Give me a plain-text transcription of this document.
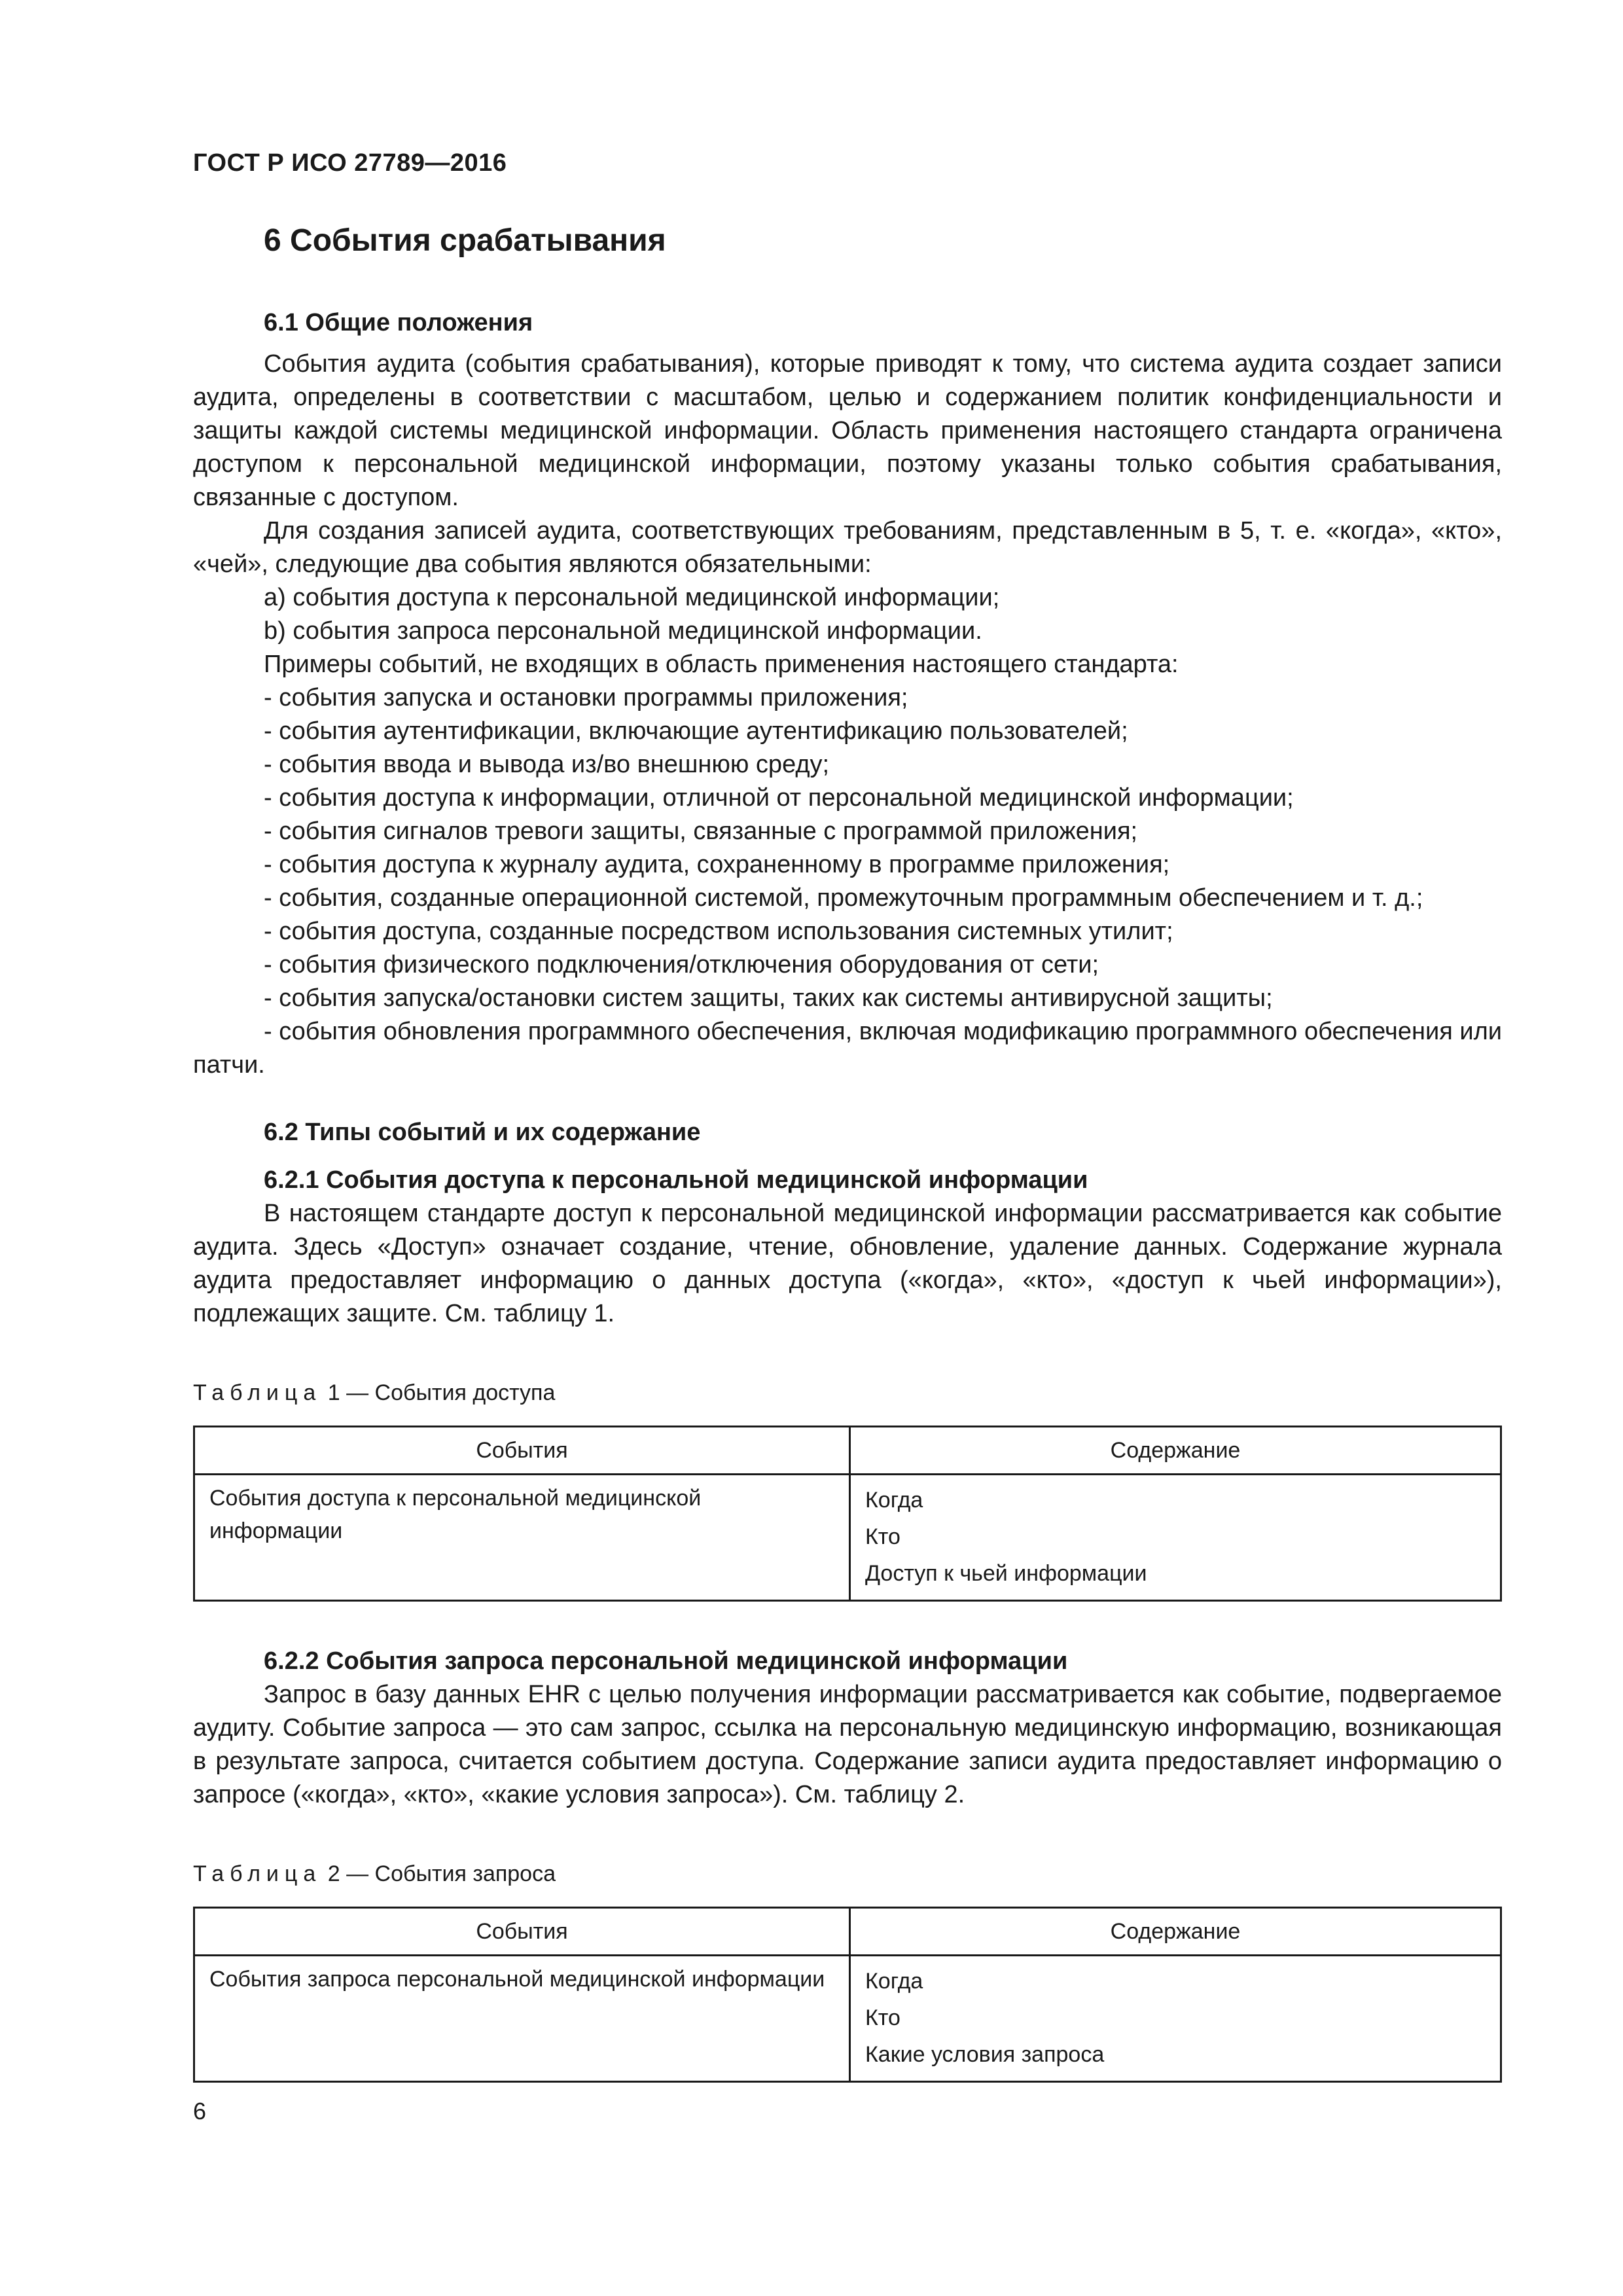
ГОСТ Р ИСО 27789—2016
6 События срабатывания
6.1 Общие положения

События аудита (события срабатывания), которые приводят к тому, что система аудита создает записи аудита, определены в соответствии с масштабом, целью и содержанием политик конфиденциальности и защиты каждой системы медицинской информации. Область применения настоящего стандарта ограничена доступом к персональной медицинской информации, поэтому указаны только события срабатывания, связанные с доступом.

Для создания записей аудита, соответствующих требованиям, представленным в 5, т. е. «когда», «кто», «чей», следующие два события являются обязательными:

а) события доступа к персональной медицинской информации;
b) события запроса персональной медицинской информации.
Примеры событий, не входящих в область применения настоящего стандарта:
- события запуска и остановки программы приложения;
- события аутентификации, включающие аутентификацию пользователей;
- события ввода и вывода из/во внешнюю среду;
- события доступа к информации, отличной от персональной медицинской информации;
- события сигналов тревоги защиты, связанные с программой приложения;
- события доступа к журналу аудита, сохраненному в программе приложения;

- события, созданные операционной системой, промежуточным программным обеспечением и т. д.;

- события доступа, созданные посредством использования системных утилит;
- события физического подключения/отключения оборудования от сети;
- события запуска/остановки систем защиты, таких как системы антивирусной защиты;

- события обновления программного обеспечения, включая модификацию программного обеспечения или патчи.

6.2 Типы событий и их содержание
6.2.1 События доступа к персональной медицинской информации

В настоящем стандарте доступ к персональной медицинской информации рассматривается как событие аудита. Здесь «Доступ» означает создание, чтение, обновление, удаление данных. Содержание журнала аудита предоставляет информацию о данных доступа («когда», «кто», «доступ к чьей информации»), подлежащих защите. См. таблицу 1.

Таблица 1 — События доступа
События	Содержание
События доступа к персональной медицинской информации	Когда
Кто
Доступ к чьей информации
6.2.2 События запроса персональной медицинской информации

Запрос в базу данных EHR с целью получения информации рассматривается как событие, подвергаемое аудиту. Событие запроса — это сам запрос, ссылка на персональную медицинскую информацию, возникающая в результате запроса, считается событием доступа. Содержание записи аудита предоставляет информацию о запросе («когда», «кто», «какие условия запроса»). См. таблицу 2.

Таблица 2 — События запроса
События	Содержание
События запроса персональной медицинской информации	Когда
Кто
Какие условия запроса
6
